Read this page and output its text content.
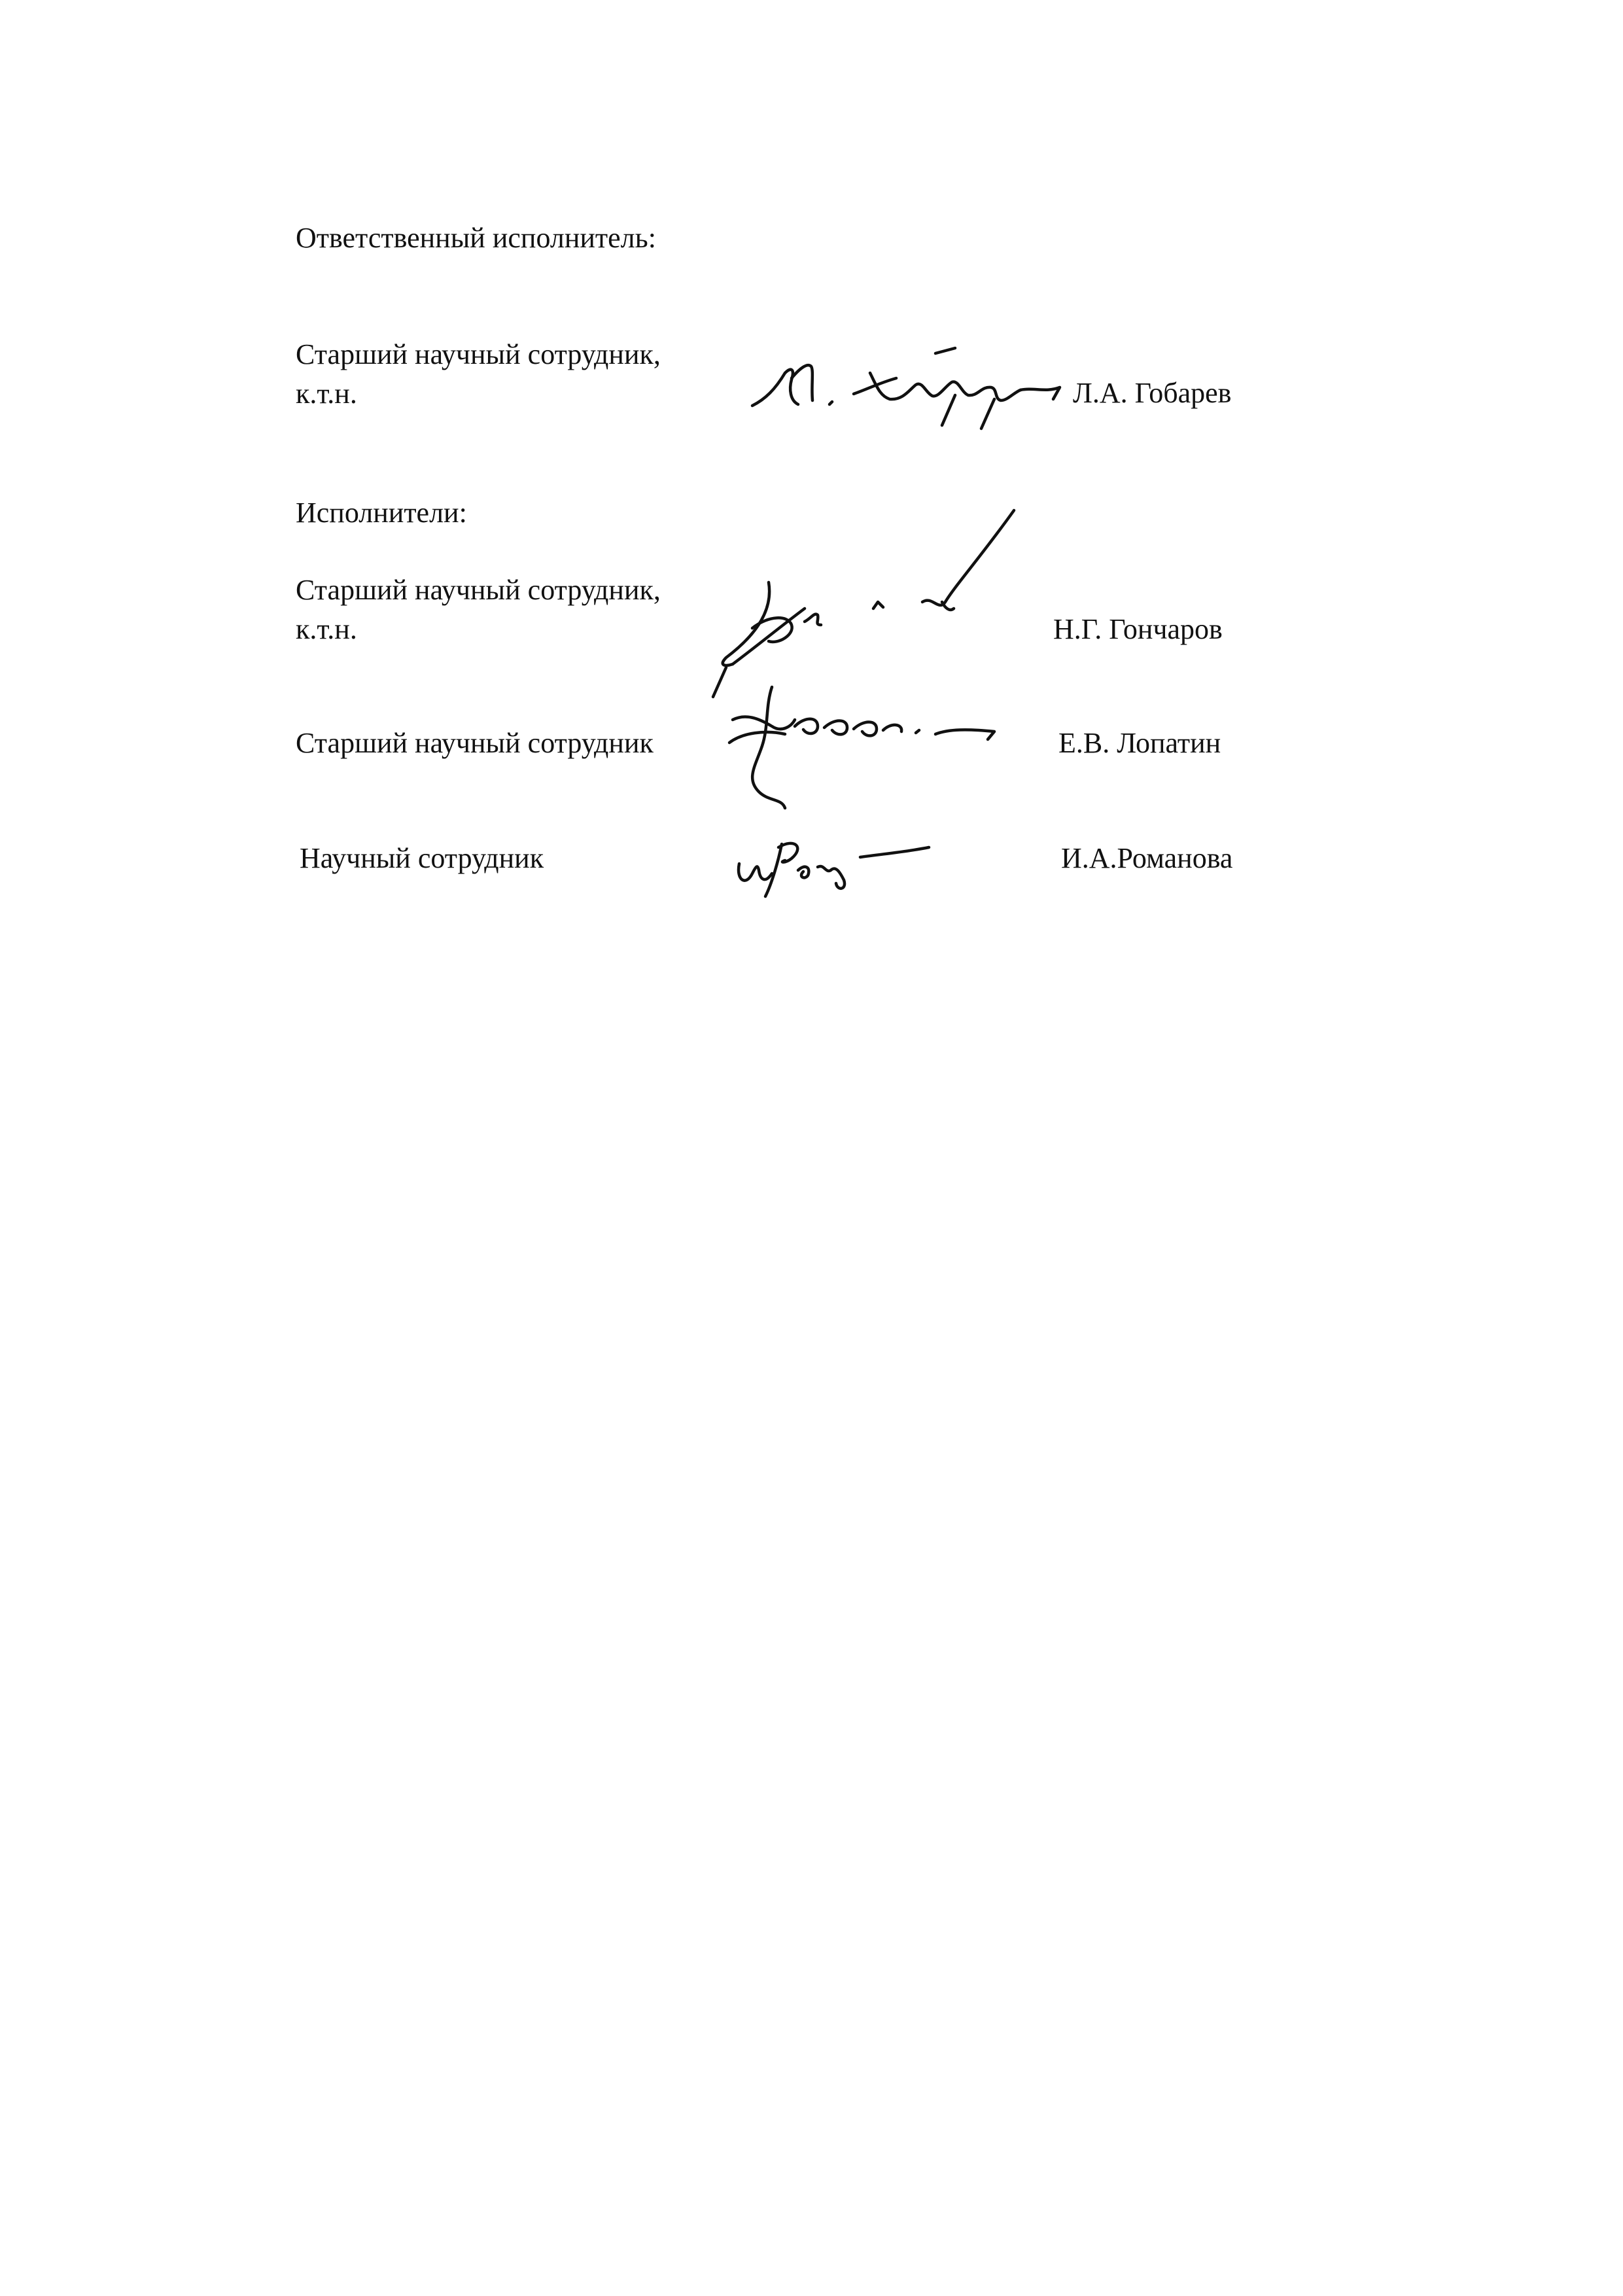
Ответственный исполнитель:
Старший научный сотрудник,
к.т.н.	Л.А. Гобарев
Исполнители:
Старший научный сотрудник,
к.т.н.	Н.Г. Гончаров
Старший научный сотрудник	Е.В. Лопатин
Научный сотрудник	И.А.Романова
